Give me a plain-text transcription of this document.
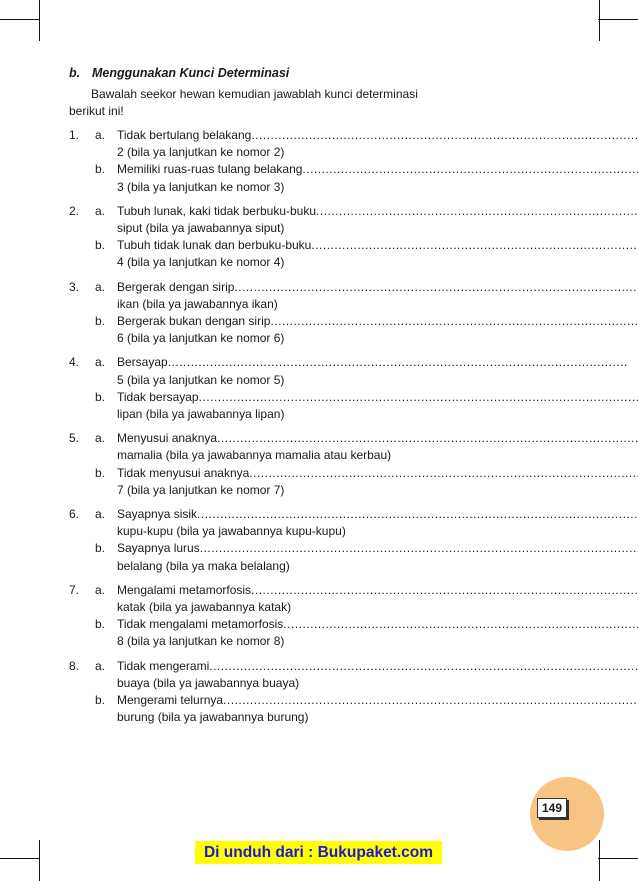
b. Menggunakan Kunci Determinasi

Bawalah seekor hewan kemudian jawablah kunci determinasi berikut ini!

1.	a. Tidak bertulang belakang
.....
2 (bila ya lanjutkan ke nomor 2)
b. Memiliki ruas-ruas tulang belakang
.....
3 (bila ya lanjutkan ke nomor 3)
2.	a. Tubuh lunak, kaki tidak berbuku-buku
.....
siput (bila ya jawabannya siput)
b. Tubuh tidak lunak dan berbuku-buku
.....
4 (bila ya lanjutkan ke nomor 4)
3.	a. Bergerak dengan sirip
.....
ikan (bila ya jawabannya ikan)
b. Bergerak bukan dengan sirip
.....
6 (bila ya lanjutkan ke nomor 6)
4.	a. Bersayap
.....
5 (bila ya lanjutkan ke nomor 5)
b. Tidak bersayap
.....
lipan (bila ya jawabannya lipan)
5.	a. Menyusui anaknya
.....
mamalia (bila ya jawabannya mamalia atau kerbau)
b. Tidak menyusui anaknya
.....
7 (bila ya lanjutkan ke nomor 7)
6.	a. Sayapnya sisik
.....
kupu-kupu (bila ya jawabannya kupu-kupu)
b. Sayapnya lurus
.....
belalang (bila ya maka belalang)
7.	a. Mengalami metamorfosis
.....
katak (bila ya jawabannya katak)
b. Tidak mengalami metamorfosis
.....
8 (bila ya lanjutkan ke nomor 8)
8.	a. Tidak mengerami
.....
buaya (bila ya jawabannya buaya)
b. Mengerami telurnya
.....
burung (bila ya jawabannya burung)
149
Di unduh dari : Bukupaket.com
